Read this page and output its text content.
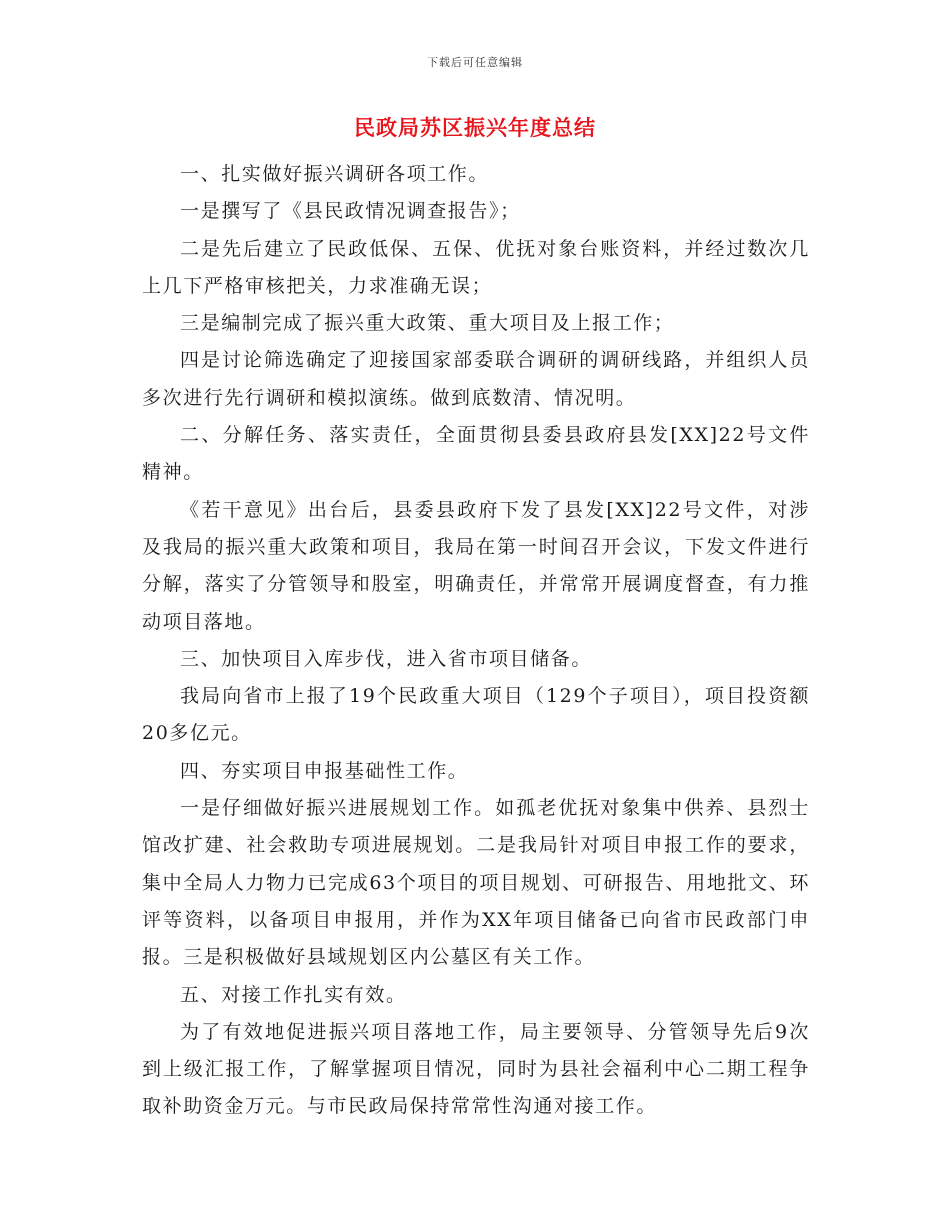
下载后可任意编辑
民政局苏区振兴年度总结

一、扎实做好振兴调研各项工作。

一是撰写了《县民政情况调查报告》；

二是先后建立了民政低保、五保、优抚对象台账资料，并经过数次几上几下严格审核把关，力求准确无误；

三是编制完成了振兴重大政策、重大项目及上报工作；

四是讨论筛选确定了迎接国家部委联合调研的调研线路，并组织人员多次进行先行调研和模拟演练。做到底数清、情况明。

二、分解任务、落实责任，全面贯彻县委县政府县发[XX]22号文件精神。

《若干意见》出台后，县委县政府下发了县发[XX]22号文件，对涉及我局的振兴重大政策和项目，我局在第一时间召开会议，下发文件进行分解，落实了分管领导和股室，明确责任，并常常开展调度督查，有力推动项目落地。

三、加快项目入库步伐，进入省市项目储备。

我局向省市上报了19个民政重大项目（129个子项目），项目投资额20多亿元。

四、夯实项目申报基础性工作。

一是仔细做好振兴进展规划工作。如孤老优抚对象集中供养、县烈士馆改扩建、社会救助专项进展规划。二是我局针对项目申报工作的要求，集中全局人力物力已完成63个项目的项目规划、可研报告、用地批文、环评等资料，以备项目申报用，并作为XX年项目储备已向省市民政部门申报。三是积极做好县域规划区内公墓区有关工作。

五、对接工作扎实有效。

为了有效地促进振兴项目落地工作，局主要领导、分管领导先后9次到上级汇报工作，了解掌握项目情况，同时为县社会福利中心二期工程争取补助资金万元。与市民政局保持常常性沟通对接工作。
